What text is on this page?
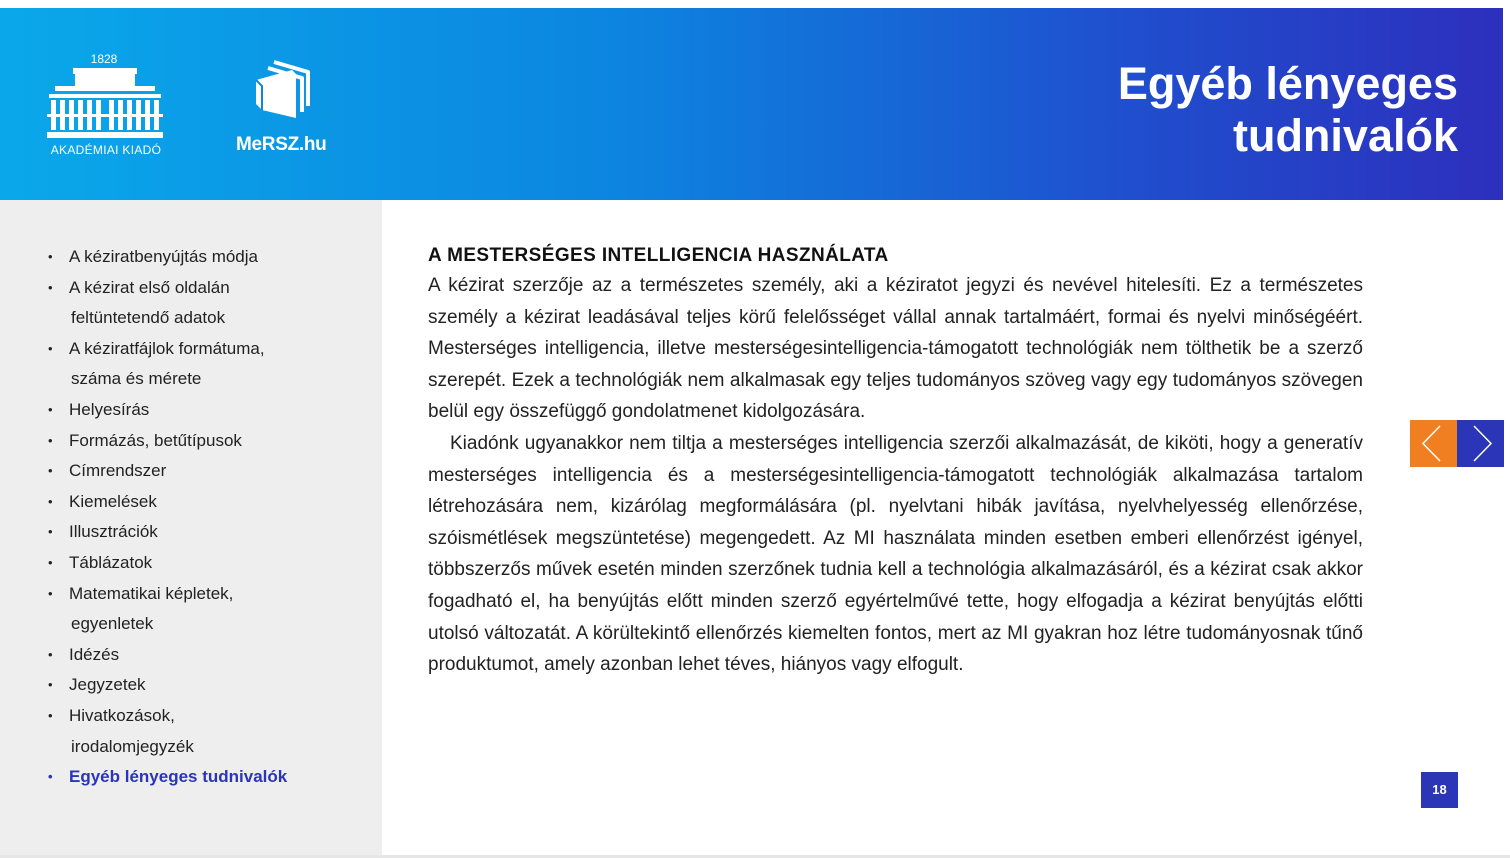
1828
AKADÉMIAI KIADÓ	MeRSZ.hu
Egyéb lényeges
tudnivalók
• A kéziratbenyújtás módja
• A kézirat első oldalán
feltüntetendő adatok
• A kéziratfájlok formátuma,
száma és mérete
• Helyesírás
• Formázás, betűtípusok
• Címrendszer
• Kiemelések
• Illusztrációk
• Táblázatok
• Matematikai képletek,
egyenletek
• Idézés
• Jegyzetek
• Hivatkozások,
irodalomjegyzék
• Egyéb lényeges tudnivalók
A MESTERSÉGES INTELLIGENCIA HASZNÁLATA

A kézirat szerzője az a természetes személy, aki a kéziratot jegyzi és nevével hitelesíti. Ez a természetes személy a kézirat leadásával teljes körű felelősséget vállal annak tartalmáért, formai és nyelvi minőségéért. Mesterséges intelligencia, illetve mesterségesintelligencia-támogatott technológiák nem tölthetik be a szerző szerepét. Ezek a technológiák nem alkalmasak egy teljes tudományos szöveg vagy egy tudományos szövegen belül egy összefüggő gondolatmenet kidolgozására.

Kiadónk ugyanakkor nem tiltja a mesterséges intelligencia szerzői alkalmazását, de kiköti, hogy a generatív mesterséges intelligencia és a mesterségesintelligencia-támogatott technológiák alkalmazása tartalom létrehozására nem, kizárólag megformálására (pl. nyelvtani hibák javítása, nyelvhelyesség ellenőrzése, szóismétlések megszüntetése) megengedett. Az MI használata minden esetben emberi ellenőrzést igényel, többszerzős művek esetén minden szerzőnek tudnia kell a technológia alkalmazásáról, és a kézirat csak akkor fogadható el, ha benyújtás előtt minden szerző egyértelművé tette, hogy elfogadja a kézirat benyújtás előtti utolsó változatát. A körültekintő ellenőrzés kiemelten fontos, mert az MI gyakran hoz létre tudományosnak tűnő produktumot, amely azonban lehet téves, hiányos vagy elfogult.

18
